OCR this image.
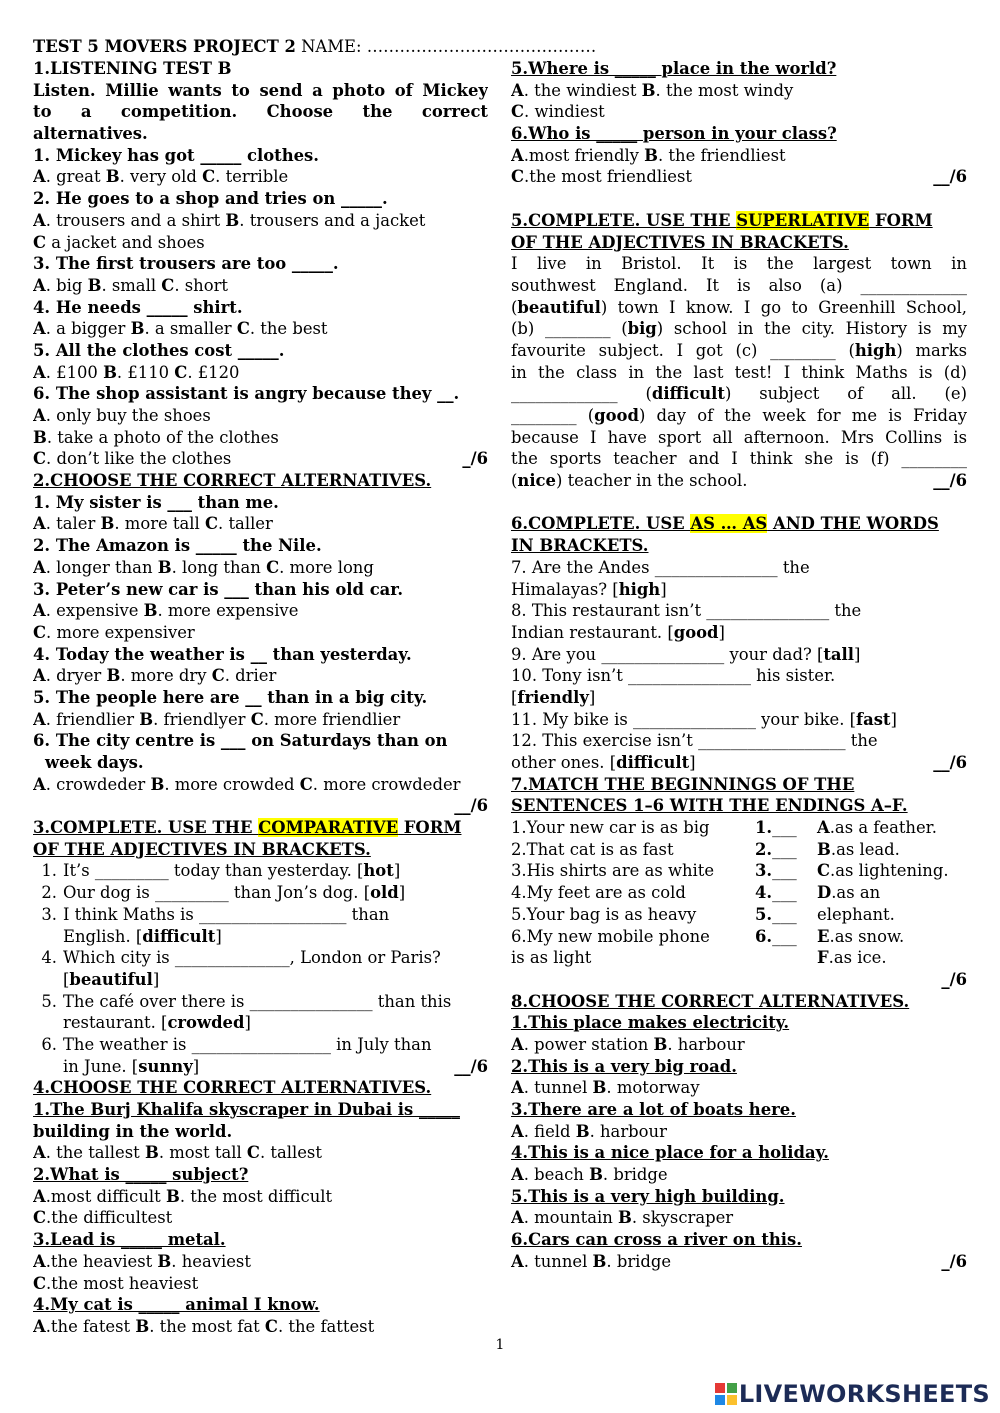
TEST 5 MOVERS PROJECT 2 NAME: ……………………………………
1.LISTENING TEST B
Listen. Millie wants to send a photo of Mickey
to a competition. Choose the correct
alternatives.
1. Mickey has got _____ clothes.
A. great B. very old C. terrible
2. He goes to a shop and tries on _____.
A. trousers and a shirt B. trousers and a jacket
C a jacket and shoes
3. The first trousers are too _____.
A. big B. small C. short
4. He needs _____ shirt.
A. a bigger B. a smaller C. the best
5. All the clothes cost _____.
A. £100 B. £110 C. £120
6. The shop assistant is angry because they __.
A. only buy the shoes
B. take a photo of the clothes
C. don’t like the clothes	_/6
2.CHOOSE THE CORRECT ALTERNATIVES.
1. My sister is ___ than me.
A. taler B. more tall C. taller
2. The Amazon is _____ the Nile.
A. longer than B. long than C. more long
3. Peter’s new car is ___ than his old car.
A. expensive B. more expensive
C. more expensiver
4. Today the weather is __ than yesterday.
A. dryer B. more dry C. drier
5. The people here are __ than in a big city.
A. friendlier B. friendlyer C. more friendlier
6. The city centre is ___ on Saturdays than on
week days.
A. crowdeder B. more crowded C. more crowdeder
__/6
3.COMPLETE. USE THE COMPARATIVE FORM
OF THE ADJECTIVES IN BRACKETS.
1. It’s _________ today than yesterday. [hot]
2. Our dog is _________ than Jon’s dog. [old]
3. I think Maths is __________________ than
English. [difficult]
4. Which city is ______________, London or Paris?
[beautiful]
5. The café over there is _______________ than this
restaurant. [crowded]
6. The weather is _________________ in July than
in June. [sunny]	__/6
4.CHOOSE THE CORRECT ALTERNATIVES.
1.The Burj Khalifa skyscraper in Dubai is _____
building in the world.
A. the tallest B. most tall C. tallest
2.What is _____ subject?
A.most difficult B. the most difficult
C.the difficultest
3.Lead is _____ metal.
A.the heaviest B. heaviest
C.the most heaviest
4.My cat is _____ animal I know.
A.the fatest B. the most fat C. the fattest
5.Where is _____ place in the world?
A. the windiest B. the most windy
C. windiest
6.Who is _____ person in your class?
A.most friendly B. the friendliest
C.the most friendliest	__/6
5.COMPLETE. USE THE SUPERLATIVE FORM
OF THE ADJECTIVES IN BRACKETS.
I live in Bristol. It is the largest town in
southwest England. It is also (a) _____________
(beautiful) town I know. I go to Greenhill School,
(b) ________ (big) school in the city. History is my
favourite subject. I got (c) ________ (high) marks
in the class in the last test! I think Maths is (d)
_____________ (difficult) subject of all. (e)
________ (good) day of the week for me is Friday
because I have sport all afternoon. Mrs Collins is
the sports teacher and I think she is (f) ________
(nice) teacher in the school.	__/6
6.COMPLETE. USE AS … AS AND THE WORDS
IN BRACKETS.
7. Are the Andes _______________ the
Himalayas? [high]
8. This restaurant isn’t _______________ the
Indian restaurant. [good]
9. Are you _______________ your dad? [tall]
10. Tony isn’t _______________ his sister.
[friendly]
11. My bike is _______________ your bike. [fast]
12. This exercise isn’t __________________ the
other ones. [difficult]	__/6
7.MATCH THE BEGINNINGS OF THE
SENTENCES 1–6 WITH THE ENDINGS A–F.
1.Your new car is as big	1.___	A.as a feather.
2.That cat is as fast	2.___	B.as lead.
3.His shirts are as white	3.___	C.as lightening.
4.My feet are as cold	4.___	D.as an
5.Your bag is as heavy	5.___	elephant.
6.My new mobile phone	6.___	E.as snow.
is as light	F.as ice.
_/6
8.CHOOSE THE CORRECT ALTERNATIVES.
1.This place makes electricity.
A. power station B. harbour
2.This is a very big road.
A. tunnel B. motorway
3.There are a lot of boats here.
A. field B. harbour
4.This is a nice place for a holiday.
A. beach B. bridge
5.This is a very high building.
A. mountain B. skyscraper
6.Cars can cross a river on this.
A. tunnel B. bridge	_/6
1
LIVEWORKSHEETS
